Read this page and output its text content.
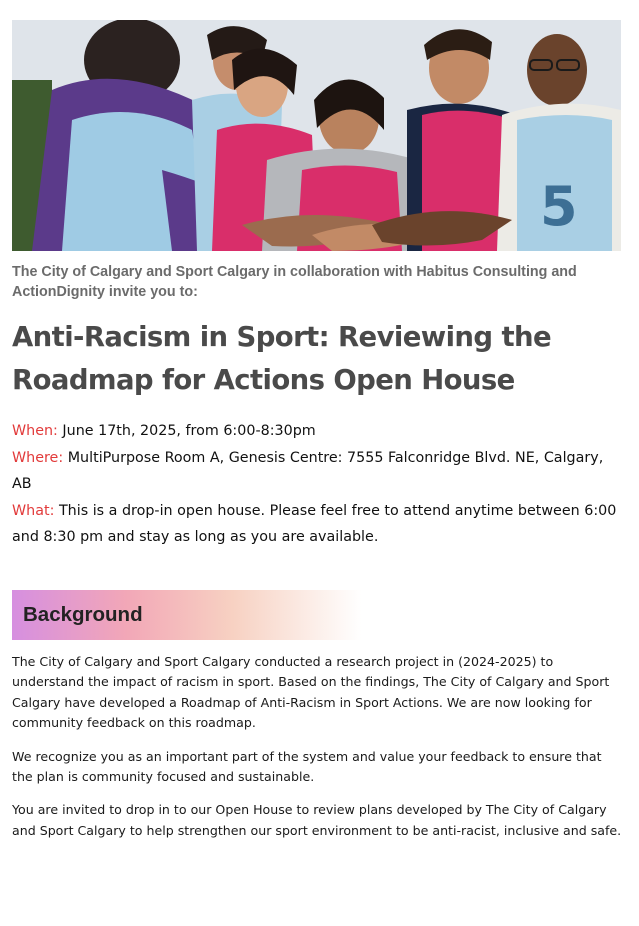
5
The City of Calgary and Sport Calgary in collaboration with Habitus Consulting and ActionDignity invite you to:
Anti-Racism in Sport: Reviewing the Roadmap for Actions Open House

When: June 17th, 2025, from 6:00-8:30pm

Where: MultiPurpose Room A, Genesis Centre: 7555 Falconridge Blvd. NE, Calgary, AB

What: This is a drop-in open house. Please feel free to attend anytime between 6:00 and 8:30 pm and stay as long as you are available.

Background

The City of Calgary and Sport Calgary conducted a research project in (2024-2025) to understand the impact of racism in sport. Based on the findings, The City of Calgary and Sport Calgary have developed a Roadmap of Anti-Racism in Sport Actions. We are now looking for community feedback on this roadmap.

We recognize you as an important part of the system and value your feedback to ensure that the plan is community focused and sustainable.

You are invited to drop in to our Open House to review plans developed by The City of Calgary and Sport Calgary to help strengthen our sport environment to be anti-racist, inclusive and safe.
